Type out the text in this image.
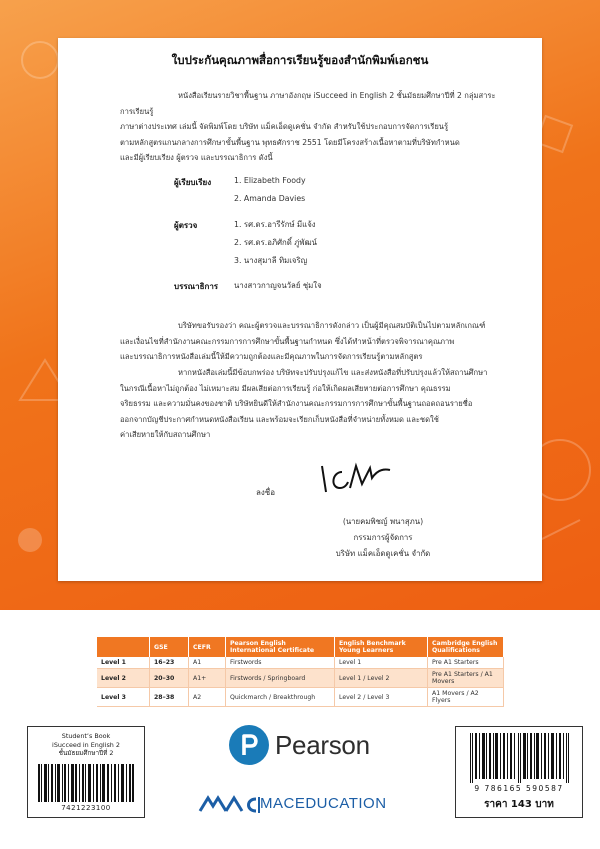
ใบประกันคุณภาพสื่อการเรียนรู้ของสำนักพิมพ์เอกชน
หนังสือเรียนรายวิชาพื้นฐาน ภาษาอังกฤษ iSucceed in English 2 ชั้นมัธยมศึกษาปีที่ 2 กลุ่มสาระการเรียนรู้
ภาษาต่างประเทศ เล่มนี้ จัดพิมพ์โดย บริษัท แม็คเอ็ดดูเคชั่น จำกัด สำหรับใช้ประกอบการจัดการเรียนรู้
ตามหลักสูตรแกนกลางการศึกษาขั้นพื้นฐาน พุทธศักราช 2551 โดยมีโครงสร้างเนื้อหาตามที่บริษัทกำหนด
และมีผู้เรียบเรียง ผู้ตรวจ และบรรณาธิการ ดังนี้
ผู้เรียบเรียง	1. Elizabeth Foody
2. Amanda Davies
ผู้ตรวจ	1. รศ.ดร.อารีรักษ์ มีแจ้ง
2. รศ.ดร.อภิศักดิ์ ภู่พัฒน์
3. นางสุมาลี ทิมเจริญ
บรรณาธิการ นางสาวกาญจนวัลย์ ชุ่มใจ
บริษัทขอรับรองว่า คณะผู้ตรวจและบรรณาธิการดังกล่าว เป็นผู้มีคุณสมบัติเป็นไปตามหลักเกณฑ์
และเงื่อนไขที่สำนักงานคณะกรรมการการศึกษาขั้นพื้นฐานกำหนด ซึ่งได้ทำหน้าที่ตรวจพิจารณาคุณภาพ
และบรรณาธิการหนังสือเล่มนี้ให้มีความถูกต้องและมีคุณภาพในการจัดการเรียนรู้ตามหลักสูตร
หากหนังสือเล่มนี้มีข้อบกพร่อง บริษัทจะปรับปรุงแก้ไข และส่งหนังสือที่ปรับปรุงแล้วให้สถานศึกษา
ในกรณีเนื้อหาไม่ถูกต้อง ไม่เหมาะสม มีผลเสียต่อการเรียนรู้ ก่อให้เกิดผลเสียหายต่อการศึกษา คุณธรรม
จริยธรรม และความมั่นคงของชาติ บริษัทยินดีให้สำนักงานคณะกรรมการการศึกษาขั้นพื้นฐานถอดถอนรายชื่อ
ออกจากบัญชีประกาศกำหนดหนังสือเรียน และพร้อมจะเรียกเก็บหนังสือที่จำหน่ายทั้งหมด และชดใช้
ค่าเสียหายให้กับสถานศึกษา
ลงชื่อ
(นายคมพิชญ์ พนาสุภน)
กรรมการผู้จัดการ
บริษัท แม็คเอ็ดดูเคชั่น จำกัด
	GSE	CEFR	Pearson English International Certificate	English Benchmark Young Learners	Cambridge English Qualifications
Level 1	16–23	A1	Firstwords	Level 1	Pre A1 Starters
Level 2	20–30	A1+	Firstwords / Springboard	Level 1 / Level 2	Pre A1 Starters / A1 Movers
Level 3	28–38	A2	Quickmarch / Breakthrough	Level 2 / Level 3	A1 Movers / A2 Flyers
Student’s Book
iSucceed in English 2
ชั้นมัธยมศึกษาปีที่ 2
7421223100
Pearson
MACEDUCATION
9 786165 590587
ราคา 143 บาท
